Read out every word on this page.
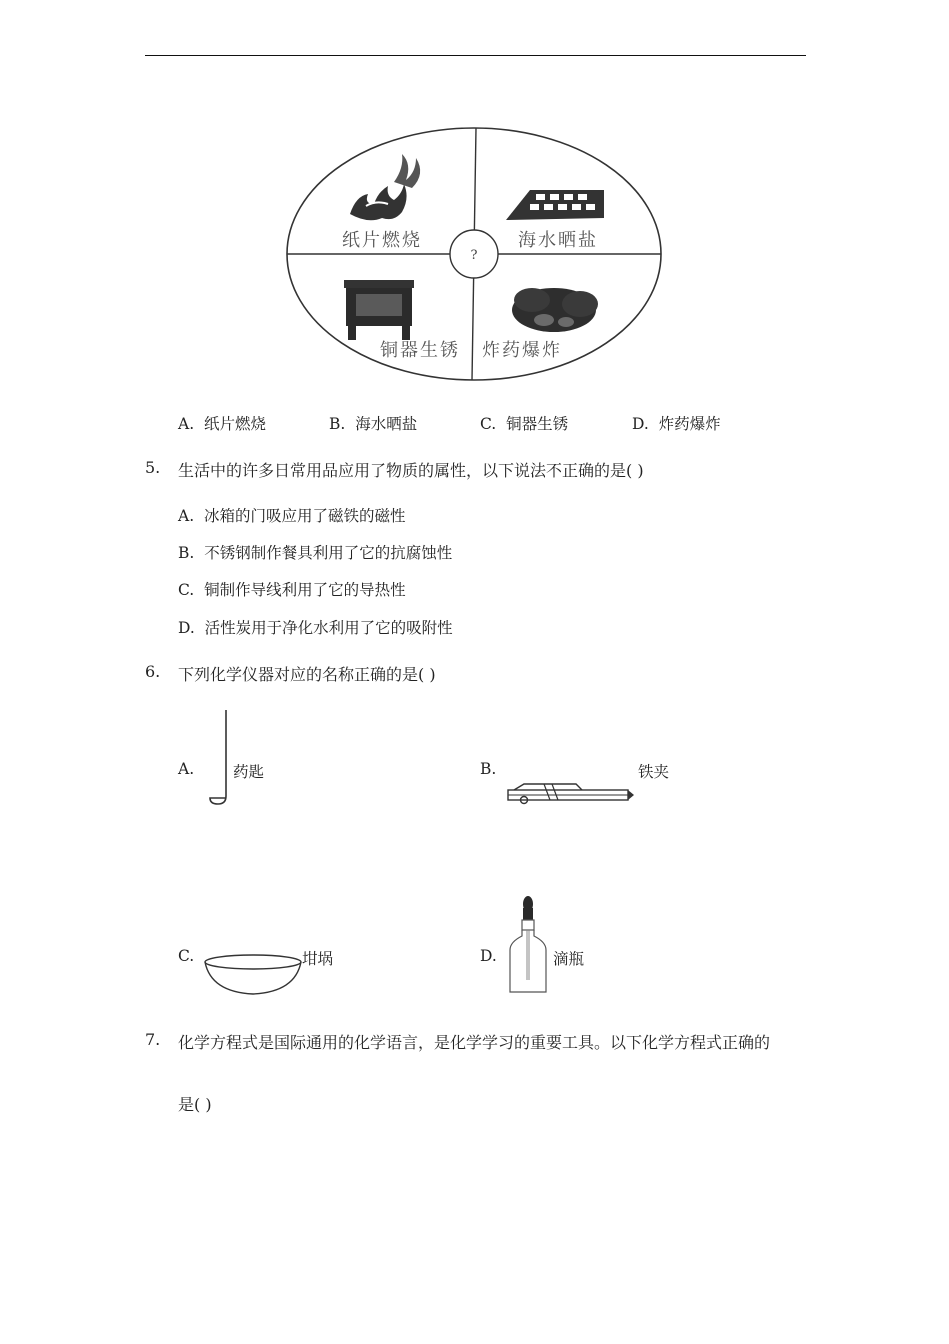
?
纸片燃烧	海水晒盐
铜器生锈 炸药爆炸
A. 纸片燃烧	B. 海水晒盐	C. 铜器生锈	D. 炸药爆炸
5. 生活中的许多日常用品应用了物质的属性，以下说法不正确的是( )
A. 冰箱的门吸应用了磁铁的磁性
B. 不锈钢制作餐具利用了它的抗腐蚀性
C. 铜制作导线利用了它的导热性
D. 活性炭用于净化水利用了它的吸附性
6. 下列化学仪器对应的名称正确的是( )
A.	药匙	B.	铁夹
C.	坩埚	D.	滴瓶
7. 化学方程式是国际通用的化学语言，是化学学习的重要工具。以下化学方程式正确的
是( )
